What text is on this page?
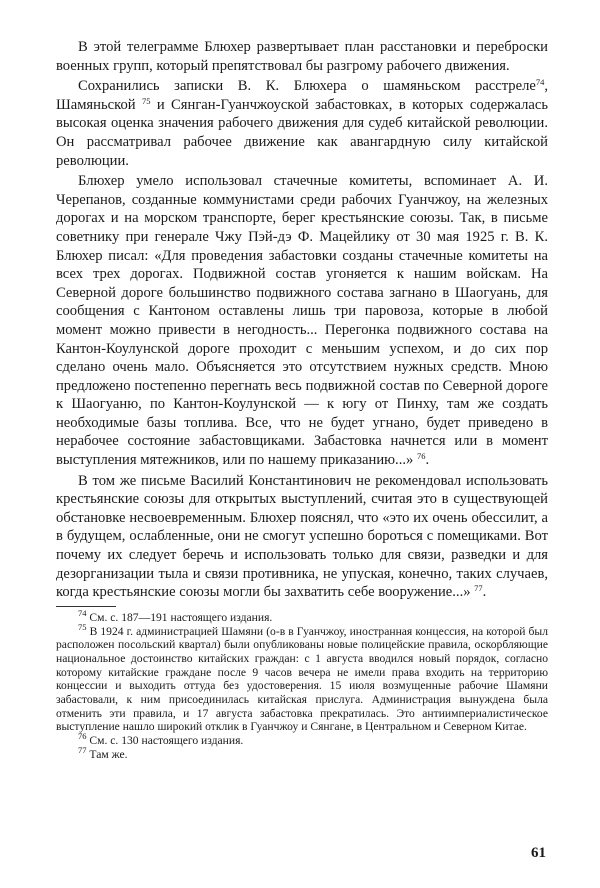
В этой телеграмме Блюхер развертывает план расстановки и переброски военных групп, который препятствовал бы разгрому рабочего движения.

Сохранились записки В. К. Блюхера о шамяньском расстреле$^{74}$, Шамяньской $^{75}$ и Сянган-Гуанчжоуской забастовках, в которых содержалась высокая оценка значения рабочего движения для судеб китайской революции. Он рассматривал рабочее движение как авангардную силу китайской революции.

Блюхер умело использовал стачечные комитеты, вспоминает А. И. Черепанов, созданные коммунистами среди рабочих Гуанчжоу, на железных дорогах и на морском транспорте, берег крестьянские союзы. Так, в письме советнику при генерале Чжу Пэй-дэ Ф. Мацейлику от 30 мая 1925 г. В. К. Блюхер писал: «Для проведения забастовки созданы стачечные комитеты на всех трех дорогах. Подвижной состав угоняется к нашим войскам. На Северной дороге большинство подвижного состава загнано в Шаогуань, для сообщения с Кантоном оставлены лишь три паровоза, которые в любой момент можно привести в негодность... Перегонка подвижного состава на Кантон-Коулунской дороге проходит с меньшим успехом, и до сих пор сделано очень мало. Объясняется это отсутствием нужных средств. Мною предложено постепенно перегнать весь подвижной состав по Северной дороге к Шаогуаню, по Кантон-Коулунской — к югу от Пинху, там же создать необходимые базы топлива. Все, что не будет угнано, будет приведено в нерабочее состояние забастовщиками. Забастовка начнется или в момент выступления мятежников, или по нашему приказанию...» $^{76}$.

В том же письме Василий Константинович не рекомендовал использовать крестьянские союзы для открытых выступлений, считая это в существующей обстановке несвоевременным. Блюхер пояснял, что «это их очень обессилит, а в будущем, ослабленные, они не смогут успешно бороться с помещиками. Вот почему их следует беречь и использовать только для связи, разведки и для дезорганизации тыла и связи противника, не упуская, конечно, таких случаев, когда крестьянские союзы могли бы захватить себе вооружение...» $^{77}$.

$^{74}$ См. с. 187—191 настоящего издания.

$^{75}$ В 1924 г. администрацией Шамяни (о-в в Гуанчжоу, иностранная концессия, на которой был расположен посольский квартал) были опубликованы новые полицейские правила, оскорбляющие национальное достоинство китайских граждан: с 1 августа вводился новый порядок, согласно которому китайские граждане после 9 часов вечера не имели права входить на территорию концессии и выходить оттуда без удостоверения. 15 июля возмущенные рабочие Шамяни забастовали, к ним присоединилась китайская прислуга. Администрация вынуждена была отменить эти правила, и 17 августа забастовка прекратилась. Это антиимпериалистическое выступление нашло широкий отклик в Гуанчжоу и Сянгане, в Центральном и Северном Китае.

$^{76}$ См. с. 130 настоящего издания.

$^{77}$ Там же.

61
